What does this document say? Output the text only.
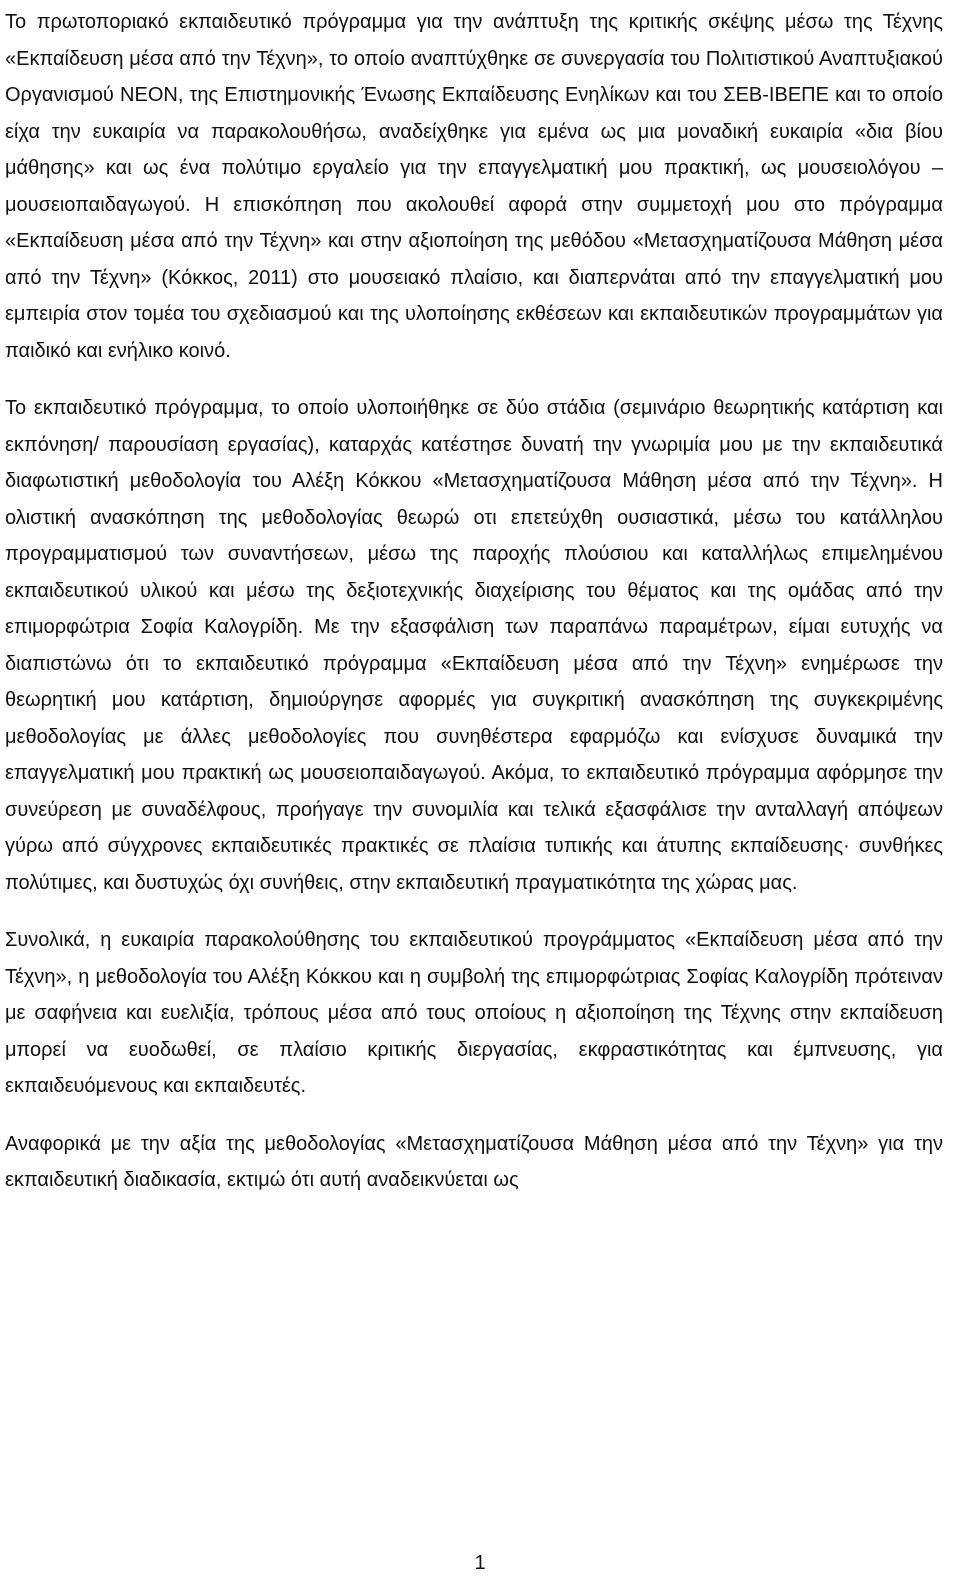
Το πρωτοποριακό εκπαιδευτικό πρόγραμμα για την ανάπτυξη της κριτικής σκέψης μέσω της Τέχνης «Εκπαίδευση μέσα από την Τέχνη», το οποίο αναπτύχθηκε σε συνεργασία του Πολιτιστικού Αναπτυξιακού Οργανισμού ΝΕΟΝ, της Επιστημονικής Ένωσης Εκπαίδευσης Ενηλίκων και του ΣΕΒ-ΙΒΕΠΕ και το οποίο είχα την ευκαιρία να παρακολουθήσω, αναδείχθηκε για εμένα ως μια μοναδική ευκαιρία «δια βίου μάθησης» και ως ένα πολύτιμο εργαλείο για την επαγγελματική μου πρακτική, ως μουσειολόγου – μουσειοπαιδαγωγού. Η επισκόπηση που ακολουθεί αφορά στην συμμετοχή μου στο πρόγραμμα «Εκπαίδευση μέσα από την Τέχνη» και στην αξιοποίηση της μεθόδου «Μετασχηματίζουσα Μάθηση μέσα από την Τέχνη» (Κόκκος, 2011) στο μουσειακό πλαίσιο, και διαπερνάται από την επαγγελματική μου εμπειρία στον τομέα του σχεδιασμού και της υλοποίησης εκθέσεων και εκπαιδευτικών προγραμμάτων για παιδικό και ενήλικο κοινό.

Το εκπαιδευτικό πρόγραμμα, το οποίο υλοποιήθηκε σε δύο στάδια (σεμινάριο θεωρητικής κατάρτιση και εκπόνηση/ παρουσίαση εργασίας), καταρχάς κατέστησε δυνατή την γνωριμία μου με την εκπαιδευτικά διαφωτιστική μεθοδολογία του Αλέξη Κόκκου «Μετασχηματίζουσα Μάθηση μέσα από την Τέχνη». Η ολιστική ανασκόπηση της μεθοδολογίας θεωρώ οτι επετεύχθη ουσιαστικά, μέσω του κατάλληλου προγραμματισμού των συναντήσεων, μέσω της παροχής πλούσιου και καταλλήλως επιμελημένου εκπαιδευτικού υλικού και μέσω της δεξιοτεχνικής διαχείρισης του θέματος και της ομάδας από την επιμορφώτρια Σοφία Καλογρίδη. Με την εξασφάλιση των παραπάνω παραμέτρων, είμαι ευτυχής να διαπιστώνω ότι το εκπαιδευτικό πρόγραμμα «Εκπαίδευση μέσα από την Τέχνη» ενημέρωσε την θεωρητική μου κατάρτιση, δημιούργησε αφορμές για συγκριτική ανασκόπηση της συγκεκριμένης μεθοδολογίας με άλλες μεθοδολογίες που συνηθέστερα εφαρμόζω και ενίσχυσε δυναμικά την επαγγελματική μου πρακτική ως μουσειοπαιδαγωγού. Ακόμα, το εκπαιδευτικό πρόγραμμα αφόρμησε την συνεύρεση με συναδέλφους, προήγαγε την συνομιλία και τελικά εξασφάλισε την ανταλλαγή απόψεων γύρω από σύγχρονες εκπαιδευτικές πρακτικές σε πλαίσια τυπικής και άτυπης εκπαίδευσης· συνθήκες πολύτιμες, και δυστυχώς όχι συνήθεις, στην εκπαιδευτική πραγματικότητα της χώρας μας.

Συνολικά, η ευκαιρία παρακολούθησης του εκπαιδευτικού προγράμματος «Εκπαίδευση μέσα από την Τέχνη», η μεθοδολογία του Αλέξη Κόκκου και η συμβολή της επιμορφώτριας Σοφίας Καλογρίδη πρότειναν με σαφήνεια και ευελιξία, τρόπους μέσα από τους οποίους η αξιοποίηση της Τέχνης στην εκπαίδευση μπορεί να ευοδωθεί, σε πλαίσιο κριτικής διεργασίας, εκφραστικότητας και έμπνευσης, για εκπαιδευόμενους και εκπαιδευτές.

Αναφορικά με την αξία της μεθοδολογίας «Μετασχηματίζουσα Μάθηση μέσα από την Τέχνη» για την εκπαιδευτική διαδικασία, εκτιμώ ότι αυτή αναδεικνύεται ως

1
